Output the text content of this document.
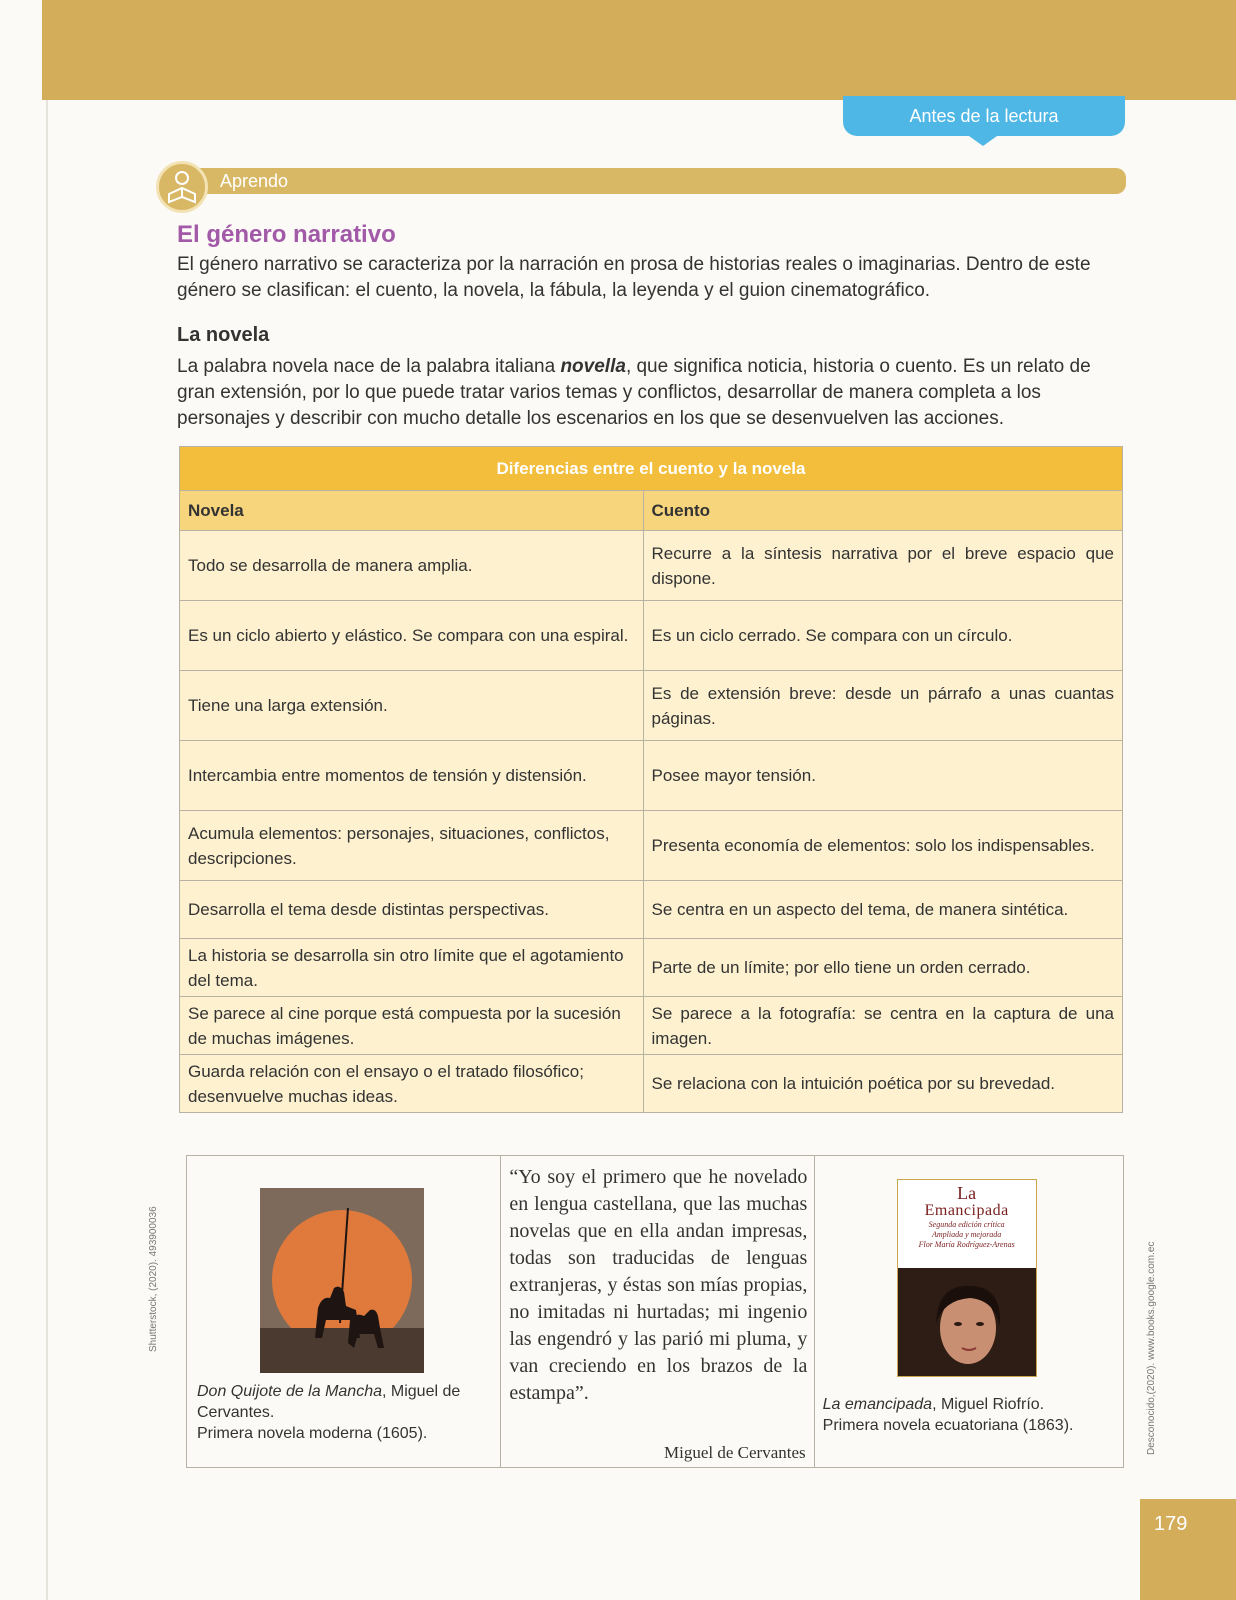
Antes de la lectura
Aprendo
El género narrativo

El género narrativo se caracteriza por la narración en prosa de historias reales o imaginarias. Dentro de este género se clasifican: el cuento, la novela, la fábula, la leyenda y el guion cinematográfico.

La novela

La palabra novela nace de la palabra italiana novella, que significa noticia, historia o cuento. Es un relato de gran extensión, por lo que puede tratar varios temas y conflictos, desarrollar de manera completa a los personajes y describir con mucho detalle los escenarios en los que se desenvuelven las acciones.

Diferencias entre el cuento y la novela	
Novela	Cuento
Todo se desarrolla de manera amplia.	Recurre a la síntesis narrativa por el breve espacio que dispone.
Es un ciclo abierto y elástico. Se compara con una espiral.	Es un ciclo cerrado. Se compara con un círculo.
Tiene una larga extensión.	Es de extensión breve: desde un párrafo a unas cuantas páginas.
Intercambia entre momentos de tensión y distensión.	Posee mayor tensión.
Acumula elementos: personajes, situaciones, conflictos, descripciones.	Presenta economía de elementos: solo los indispensables.
Desarrolla el tema desde distintas perspectivas.	Se centra en un aspecto del tema, de manera sintética.
La historia se desarrolla sin otro límite que el agotamiento del tema.	Parte de un límite; por ello tiene un orden cerrado.
Se parece al cine porque está compuesta por la sucesión de muchas imágenes.	Se parece a la fotografía: se centra en la captura de una imagen.
Guarda relación con el ensayo o el tratado filosófico; desenvuelve muchas ideas.	Se relaciona con la intuición poética por su brevedad.
Don Quijote de la Mancha, Miguel de Cervantes.
Primera novela moderna (1605).

“Yo soy el primero que he novelado en lengua castellana, que las muchas novelas que en ella andan impresas, todas son traducidas de lenguas extranjeras, y éstas son mías propias, no imitadas ni hurtadas; mi ingenio las engendró y las parió mi pluma, y van creciendo en los brazos de la estampa”.

Miguel de Cervantes
La
Emancipada
Segunda edición crítica
Ampliada y mejorada
Flor María Rodríguez-Arenas
La emancipada, Miguel Riofrío.
Primera novela ecuatoriana (1863).
Shutterstock, (2020). 493900036	Desconocido,(2020). www.books.google.com.ec
179
